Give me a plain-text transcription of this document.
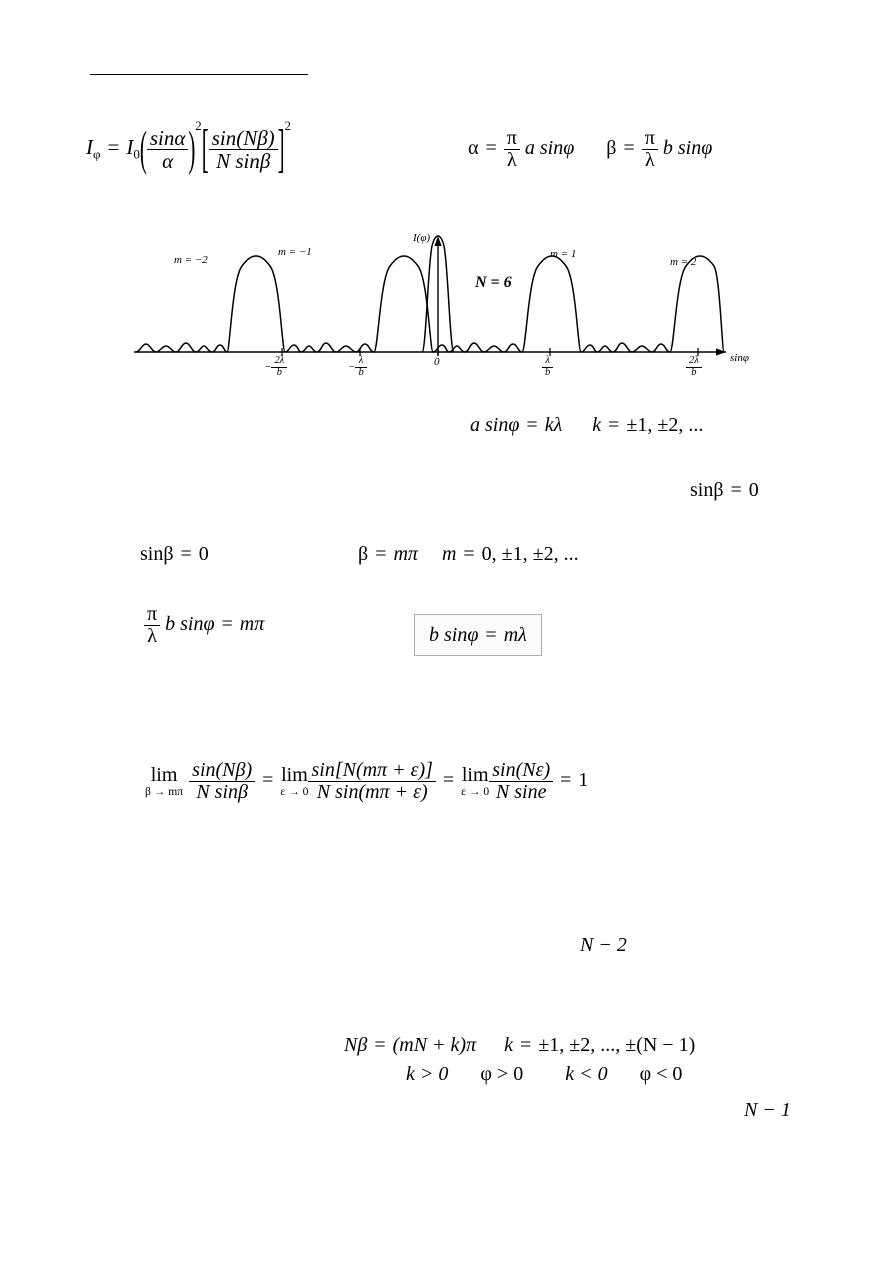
$I_\varphi = I_0( \frac{\sin\alpha}{\alpha} )^2[ \frac{\sin(N\beta)}{\text{N sinβ}} ]^2$
$\alpha = \frac{\pi}{\lambda}$ a sinφ $\beta = \frac{\pi}{\lambda}$ b sinφ
I(φ)
sinφ
N = 6
m = −2
m = −1	m = 1
m = 2
− $\frac{2\lambda}{b}$	− $\frac{\lambda}{b}$	0	$\frac{\lambda}{b}$	$\frac{2\lambda}{b}$
a sinφ = kλ k = ±1, ±2, ...
sinβ = 0
sinβ = 0	β = mπ m = 0, ±1, ±2, ...
$\frac{\pi}{\lambda}$ b sinφ = mπ	b sinφ = mλ
lim
β → mπ $\frac{\sin(N\beta)}{\text{N sinβ}} = \lim$
$\varepsilon \to 0 \frac{\sin[N(m\pi + \varepsilon)]}{\text{N sin(mπ + ε)}} = \lim$
$\varepsilon \to 0 \frac{\sin(N\varepsilon)}{\text{N sine}} = 1$
N − 2
Nβ = (mN + k)π k = ±1, ±2, ..., ±(N − 1)
k > 0 φ > 0 k < 0 φ < 0
N − 1
